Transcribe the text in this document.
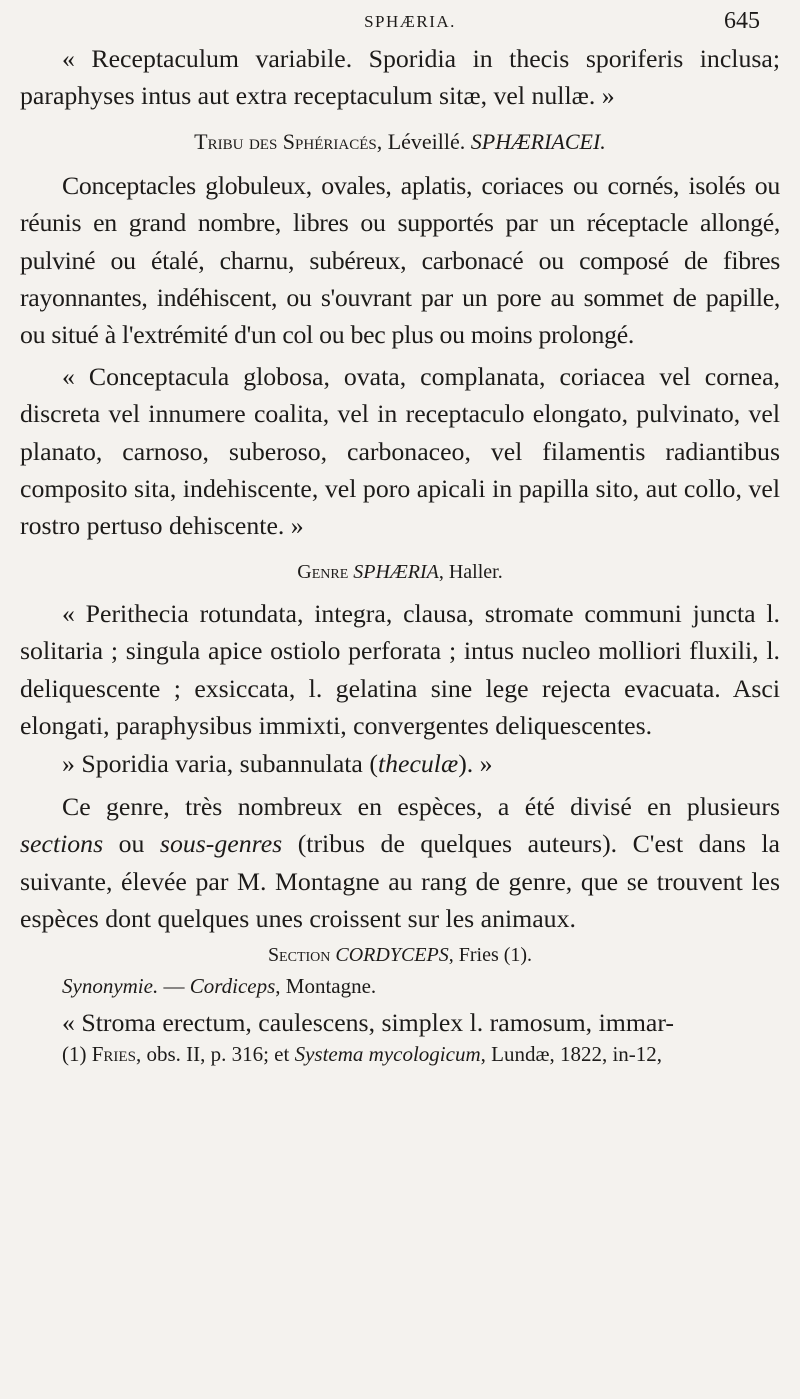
SPHÆRIA.	645

« Receptaculum variabile. Sporidia in thecis sporiferis inclusa; paraphyses intus aut extra receptaculum sitæ, vel nullæ. »

Tribu des Sphériacés, Léveillé. SPHÆRIACEI.

Conceptacles globuleux, ovales, aplatis, coriaces ou cornés, isolés ou réunis en grand nombre, libres ou supportés par un réceptacle allongé, pulviné ou étalé, charnu, subéreux, carbonacé ou composé de fibres rayonnantes, indéhiscent, ou s'ouvrant par un pore au sommet de papille, ou situé à l'extrémité d'un col ou bec plus ou moins prolongé.

« Conceptacula globosa, ovata, complanata, coriacea vel cornea, discreta vel innumere coalita, vel in receptaculo elongato, pulvinato, vel planato, carnoso, suberoso, carbonaceo, vel filamentis radiantibus composito sita, indehiscente, vel poro apicali in papilla sito, aut collo, vel rostro pertuso dehiscente. »

Genre SPHÆRIA, Haller.

« Perithecia rotundata, integra, clausa, stromate communi juncta l. solitaria ; singula apice ostiolo perforata ; intus nucleo molliori fluxili, l. deliquescente ; exsiccata, l. gelatina sine lege rejecta evacuata. Asci elongati, paraphysibus immixti, convergentes deliquescentes.

» Sporidia varia, subannulata (theculæ). »

Ce genre, très nombreux en espèces, a été divisé en plusieurs sections ou sous-genres (tribus de quelques auteurs). C'est dans la suivante, élevée par M. Montagne au rang de genre, que se trouvent les espèces dont quelques unes croissent sur les animaux.

Section CORDYCEPS, Fries (1).

Synonymie. — Cordiceps, Montagne.

« Stroma erectum, caulescens, simplex l. ramosum, immar-

(1) Fries, obs. II, p. 316; et Systema mycologicum, Lundæ, 1822, in-12,
